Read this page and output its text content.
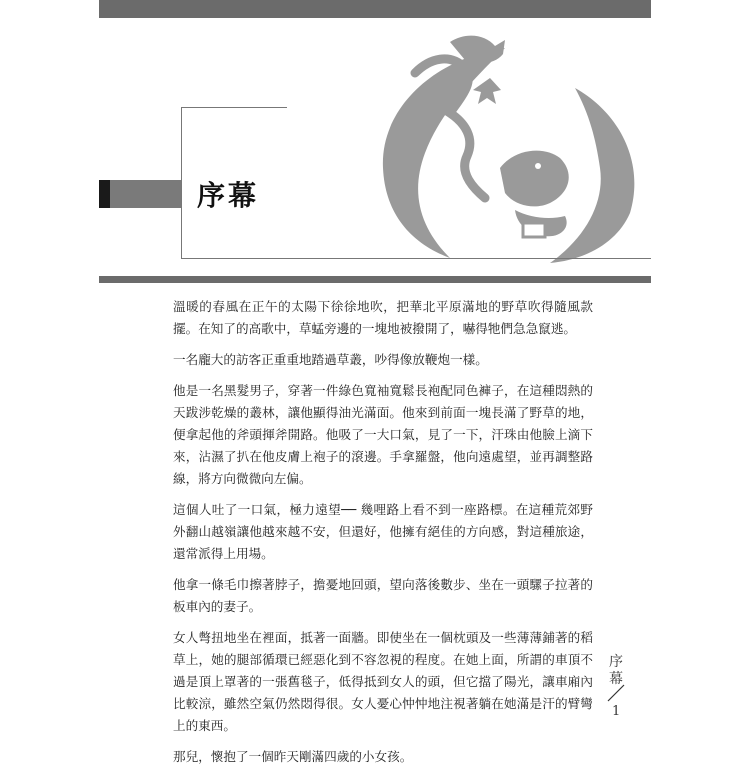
序幕

溫暖的春風在正午的太陽下徐徐地吹，把華北平原滿地的野草吹得隨風款擺。在知了的高歌中，草蜢旁邊的一塊地被撥開了，嚇得牠們急急竄逃。

一名龐大的訪客正重重地踏過草叢，吵得像放鞭炮一樣。

他是一名黑髮男子，穿著一件綠色寬袖寬鬆長袍配同色褲子，在這種悶熱的天跋涉乾燥的叢林，讓他顯得油光滿面。他來到前面一塊長滿了野草的地，便拿起他的斧頭揮斧開路。他吸了一大口氣，見了一下，汗珠由他臉上滴下來，沾濕了扒在他皮膚上袍子的滾邊。手拿羅盤，他向遠處望，並再調整路線，將方向微微向左偏。

這個人吐了一口氣，極力遠望── 幾哩路上看不到一座路標。在這種荒郊野外翻山越嶺讓他越來越不安，但還好，他擁有絕佳的方向感，對這種旅途，還常派得上用場。

他拿一條毛巾擦著脖子，擔憂地回頭，望向落後數步、坐在一頭騾子拉著的板車內的妻子。

女人彆扭地坐在裡面，抵著一面牆。即使坐在一個枕頭及一些薄薄鋪著的稻草上，她的腿部循環已經惡化到不容忽視的程度。在她上面，所謂的車頂不過是頂上罩著的一張舊毯子，低得抵到女人的頭，但它擋了陽光，讓車廂內比較涼，雖然空氣仍然悶得很。女人憂心忡忡地注視著躺在她滿是汗的臂彎上的東西。

那兒，懷抱了一個昨天剛滿四歲的小女孩。

序幕
1
